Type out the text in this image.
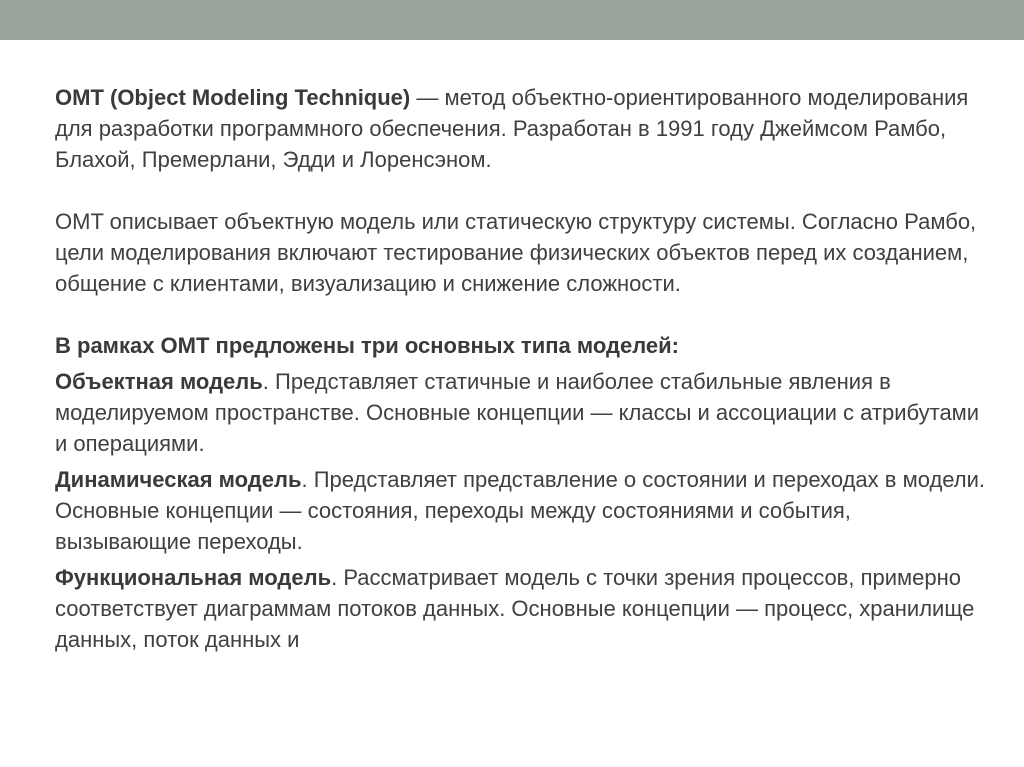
OMT (Object Modeling Technique) — метод объектно-ориентированного моделирования для разработки программного обеспечения. Разработан в 1991 году Джеймсом Рамбо, Блахой, Премерлани, Эдди и Лоренсэном.

OMT описывает объектную модель или статическую структуру системы. Согласно Рамбо, цели моделирования включают тестирование физических объектов перед их созданием, общение с клиентами, визуализацию и снижение сложности.

В рамках OMT предложены три основных типа моделей:

Объектная модель. Представляет статичные и наиболее стабильные явления в моделируемом пространстве. Основные концепции — классы и ассоциации с атрибутами и операциями.

Динамическая модель. Представляет представление о состоянии и переходах в модели. Основные концепции — состояния, переходы между состояниями и события, вызывающие переходы.

Функциональная модель. Рассматривает модель с точки зрения процессов, примерно соответствует диаграммам потоков данных. Основные концепции — процесс, хранилище данных, поток данных и
